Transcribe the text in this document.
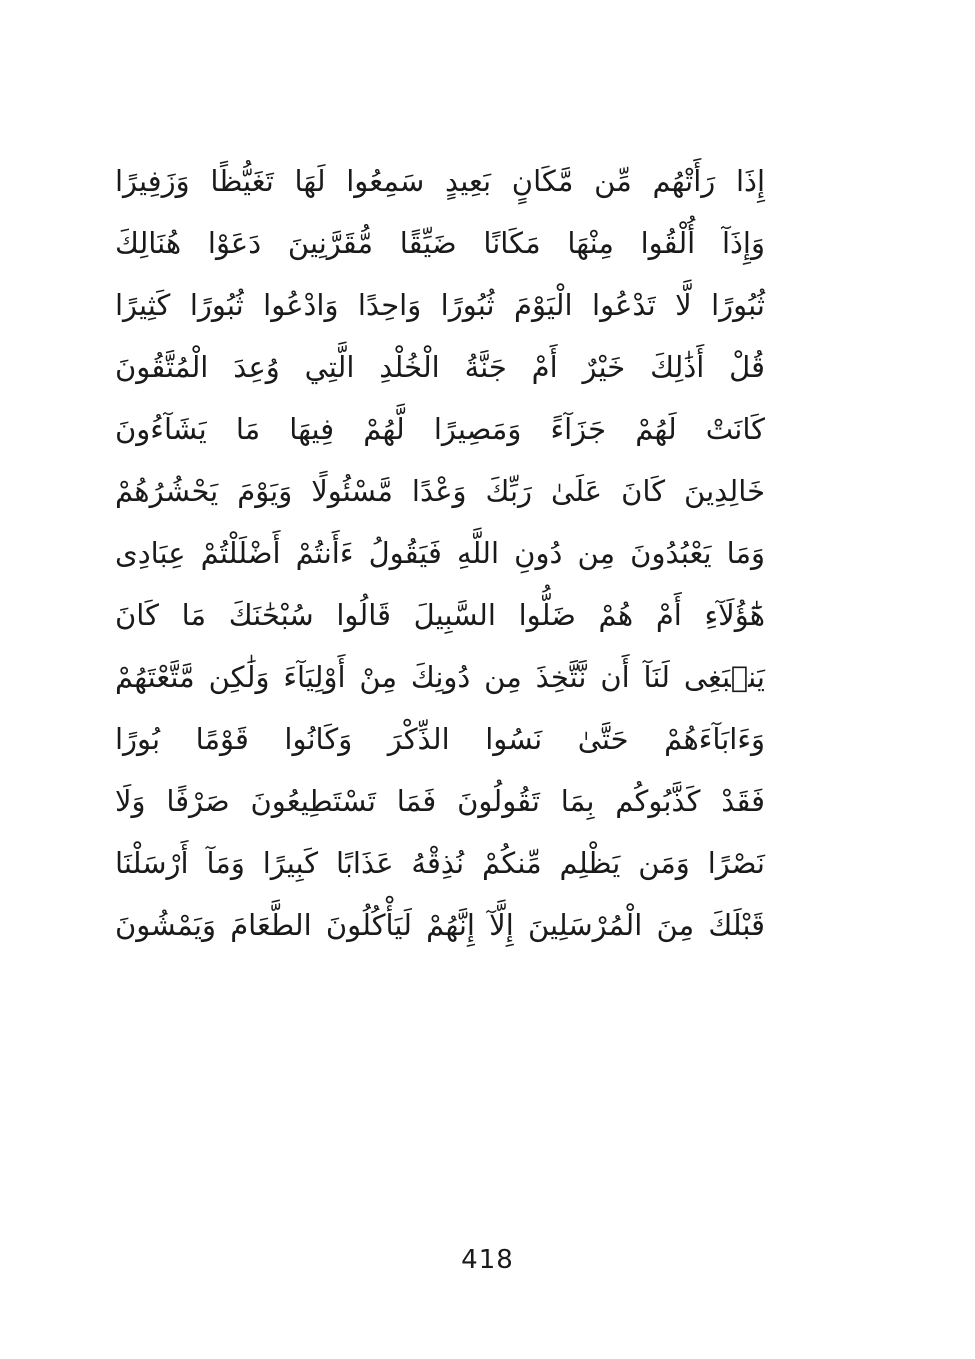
إِذَا رَأَتْهُم مِّن مَّكَانٍ بَعِيدٍ سَمِعُوا لَهَا تَغَيُّظًا وَزَفِيرًا
وَإِذَآ أُلْقُوا مِنْهَا مَكَانًا ضَيِّقًا مُّقَرَّنِينَ دَعَوْا هُنَالِكَ
ثُبُورًا لَّا تَدْعُوا الْيَوْمَ ثُبُورًا وَاحِدًا وَادْعُوا ثُبُورًا كَثِيرًا
قُلْ أَذَٰلِكَ خَيْرٌ أَمْ جَنَّةُ الْخُلْدِ الَّتِي وُعِدَ الْمُتَّقُونَ
كَانَتْ لَهُمْ جَزَآءً وَمَصِيرًا لَّهُمْ فِيهَا مَا يَشَآءُونَ
خَالِدِينَ كَانَ عَلَىٰ رَبِّكَ وَعْدًا مَّسْئُولًا وَيَوْمَ يَحْشُرُهُمْ
وَمَا يَعْبُدُونَ مِن دُونِ اللَّهِ فَيَقُولُ ءَأَنتُمْ أَضْلَلْتُمْ عِبَادِى
هَٰٓؤُلَآءِ أَمْ هُمْ ضَلُّوا السَّبِيلَ قَالُوا سُبْحَٰنَكَ مَا كَانَ
يَنۢبَغِى لَنَآ أَن نَّتَّخِذَ مِن دُونِكَ مِنْ أَوْلِيَآءَ وَلَٰكِن مَّتَّعْتَهُمْ
وَءَابَآءَهُمْ حَتَّىٰ نَسُوا الذِّكْرَ وَكَانُوا قَوْمًا بُورًا
فَقَدْ كَذَّبُوكُم بِمَا تَقُولُونَ فَمَا تَسْتَطِيعُونَ صَرْفًا وَلَا
نَصْرًا وَمَن يَظْلِم مِّنكُمْ نُذِقْهُ عَذَابًا كَبِيرًا وَمَآ أَرْسَلْنَا
قَبْلَكَ مِنَ الْمُرْسَلِينَ إِلَّآ إِنَّهُمْ لَيَأْكُلُونَ الطَّعَامَ وَيَمْشُونَ
418
